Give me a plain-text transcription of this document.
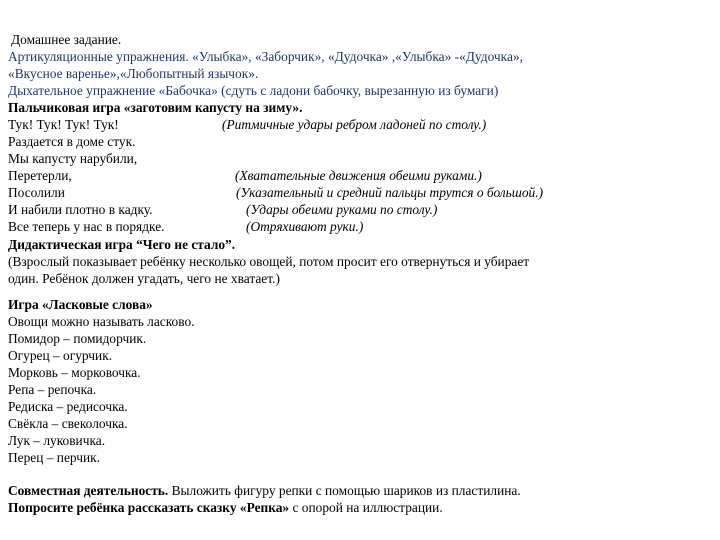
Домашнее задание.
Артикуляционные упражнения. «Улыбка», «Заборчик», «Дудочка» ,«Улыбка» -«Дудочка»,
«Вкусное варенье»,«Любопытный язычок».
Дыхательное упражнение «Бабочка» (сдуть с ладони бабочку, вырезанную из бумаги)
Пальчиковая игра «заготовим капусту на зиму».
Тук! Тук! Тук! Тук!	(Ритмичные удары ребром ладоней по столу.)
Раздается в доме стук.
Мы капусту нарубили,
Перетерли,	(Хватательные движения обеими руками.)
Посолили	(Указательный и средний пальцы трутся о большой.)
И набили плотно в кадку.	(Удары обеими руками по столу.)
Все теперь у нас в порядке.	(Отряхивают руки.)
Дидактическая игра “Чего не стало”.
(Взрослый показывает ребёнку несколько овощей, потом просит его отвернуться и убирает
один. Ребёнок должен угадать, чего не хватает.)
Игра «Ласковые слова»
Овощи можно называть ласково.
Помидор – помидорчик.
Огурец – огурчик.
Морковь – морковочка.
Репа – репочка.
Редиска – редисочка.
Свёкла – свеколочка.
Лук – луковичка.
Перец – перчик.
Совместная деятельность. Выложить фигуру репки с помощью шариков из пластилина.
Попросите ребёнка рассказать сказку «Репка» с опорой на иллюстрации.
